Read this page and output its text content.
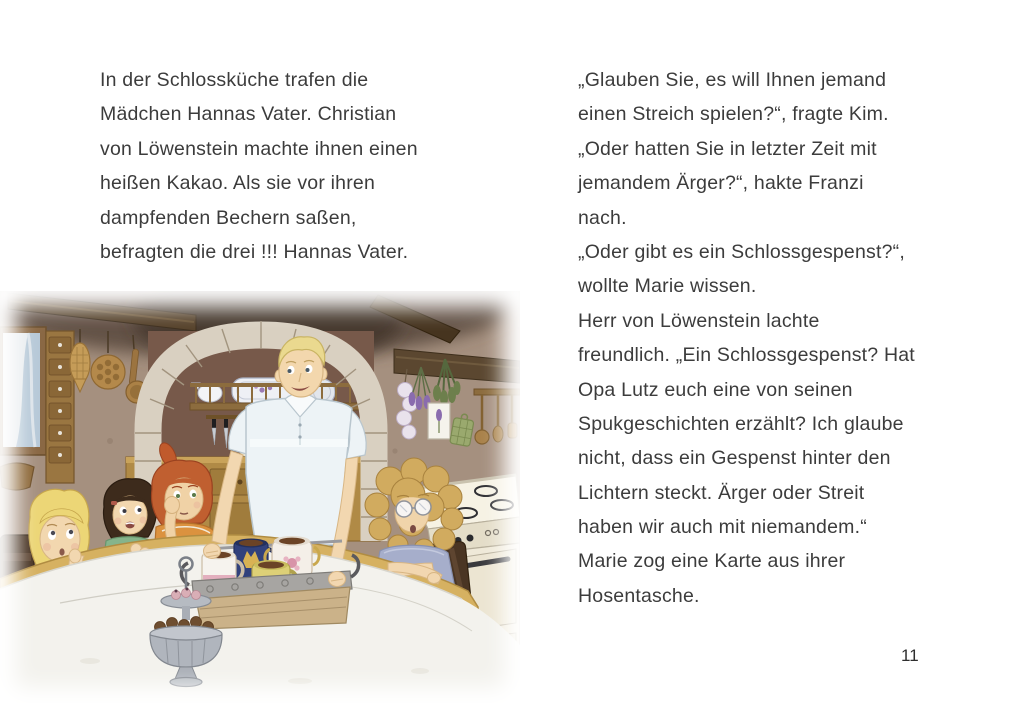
In der Schlossküche trafen die
Mädchen Hannas Vater. Christian
von Löwenstein machte ihnen einen
heißen Kakao. Als sie vor ihren
dampfenden Bechern saßen,
befragten die drei !!! Hannas Vater.
„Glauben Sie, es will Ihnen jemand
einen Streich spielen?“, fragte Kim.
„Oder hatten Sie in letzter Zeit mit
jemandem Ärger?“, hakte Franzi
nach.
„Oder gibt es ein Schlossgespenst?“,
wollte Marie wissen.
Herr von Löwenstein lachte
freundlich. „Ein Schlossgespenst? Hat
Opa Lutz euch eine von seinen
Spukgeschichten erzählt? Ich glaube
nicht, dass ein Gespenst hinter den
Lichtern steckt. Ärger oder Streit
haben wir auch mit niemandem.“
Marie zog eine Karte aus ihrer
Hosentasche.
11
